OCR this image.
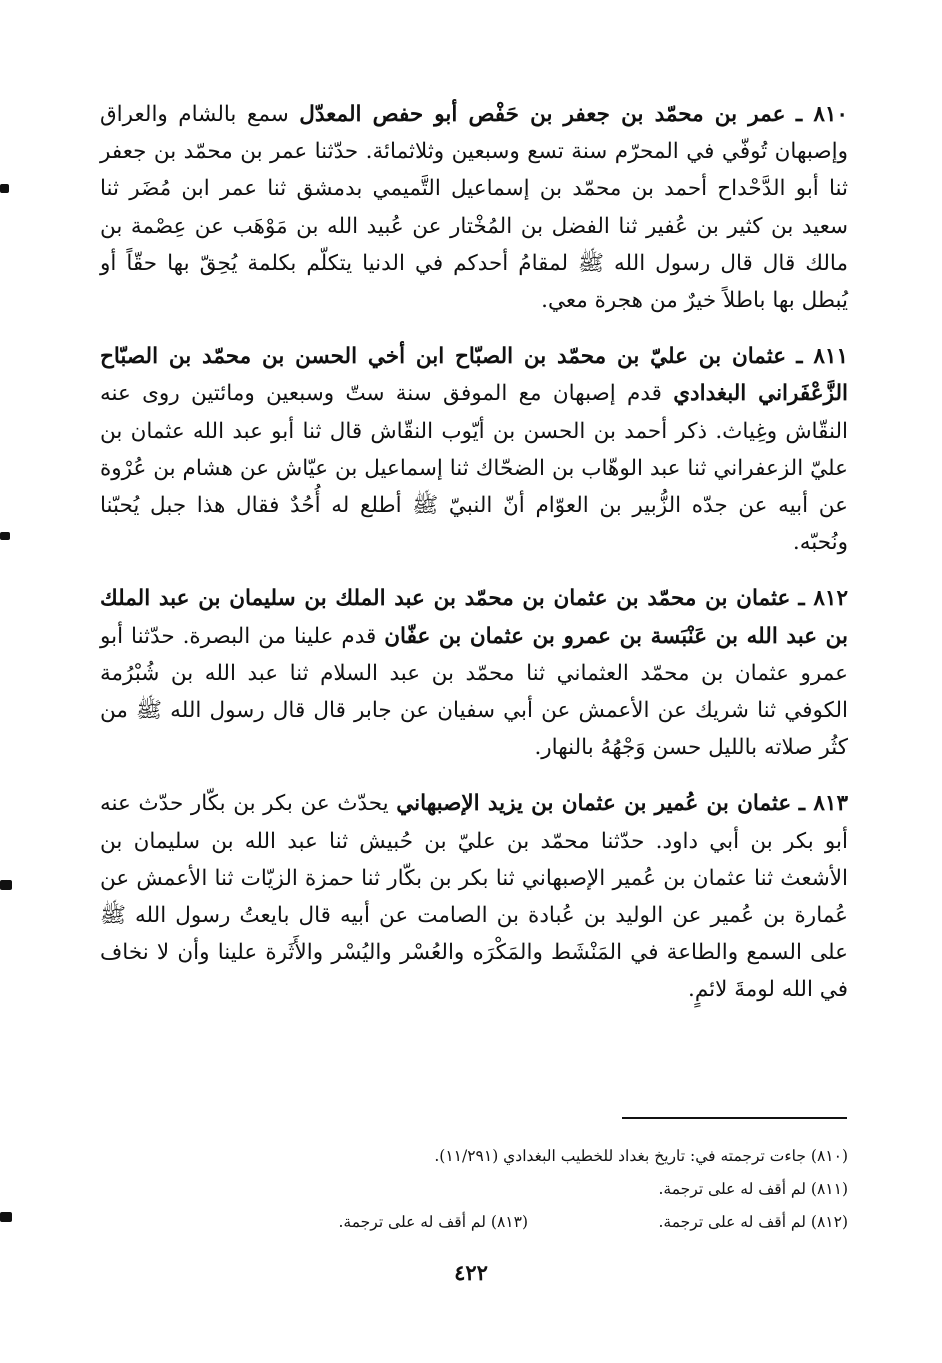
٨١٠ ـ عمر بن محمّد بن جعفر بن حَفْص أبو حفص المعدّل سمع بالشام والعراق وإصبهان تُوفّي في المحرّم سنة تسع وسبعين وثلاثمائة. حدّثنا عمر بن محمّد بن جعفر ثنا أبو الدَّحْداح أحمد بن محمّد بن إسماعيل التَّميمي بدمشق ثنا عمر ابن مُضَر ثنا سعيد بن كثير بن عُفير ثنا الفضل بن المُخْتار عن عُبيد الله بن مَوْهَب عن عِصْمة بن مالك قال قال رسول الله ﷺ لمقامُ أحدكم في الدنيا يتكلّم بكلمة يُحِقّ بها حقّاً أو يُبطل بها باطلاً خيرٌ من هجرة معي.

٨١١ ـ عثمان بن عليّ بن محمّد بن الصبّاح ابن أخي الحسن بن محمّد بن الصبّاح الزَّعْفَراني البغدادي قدم إصبهان مع الموفق سنة ستّ وسبعين ومائتين روى عنه النقّاش وغِياث. ذكر أحمد بن الحسن بن أيّوب النقّاش قال ثنا أبو عبد الله عثمان بن عليّ الزعفراني ثنا عبد الوهّاب بن الضحّاك ثنا إسماعيل بن عيّاش عن هشام بن عُرْوة عن أبيه عن جدّه الزُّبير بن العوّام أنّ النبيّ ﷺ أطلع له أُحُدٌ فقال هذا جبل يُحبّنا ونُحبّه.

٨١٢ ـ عثمان بن محمّد بن عثمان بن محمّد بن عبد الملك بن سليمان بن عبد الملك بن عبد الله بن عَنْبَسة بن عمرو بن عثمان بن عفّان قدم علينا من البصرة. حدّثنا أبو عمرو عثمان بن محمّد العثماني ثنا محمّد بن عبد السلام ثنا عبد الله بن شُبْرُمة الكوفي ثنا شريك عن الأعمش عن أبي سفيان عن جابر قال قال رسول الله ﷺ من كثُر صلاته بالليل حسن وَجْهُهُ بالنهار.

٨١٣ ـ عثمان بن عُمير بن عثمان بن يزيد الإصبهاني يحدّث عن بكر بن بكّار حدّث عنه أبو بكر بن أبي داود. حدّثنا محمّد بن عليّ بن حُبيش ثنا عبد الله بن سليمان بن الأشعث ثنا عثمان بن عُمير الإصبهاني ثنا بكر بن بكّار ثنا حمزة الزيّات ثنا الأعمش عن عُمارة بن عُمير عن الوليد بن عُبادة بن الصامت عن أبيه قال بايعتُ رسول الله ﷺ على السمع والطاعة في المَنْشَط والمَكْرَه والعُسْر واليُسْر والأَثَرة علينا وأن لا نخاف في الله لومةَ لائمٍ.

(٨١٠) جاءت ترجمته في: تاريخ بغداد للخطيب البغدادي (١١/٢٩١).
(٨١١) لم أقف له على ترجمة.
(٨١٢) لم أقف له على ترجمة.
(٨١٣) لم أقف له على ترجمة.
٤٢٢
